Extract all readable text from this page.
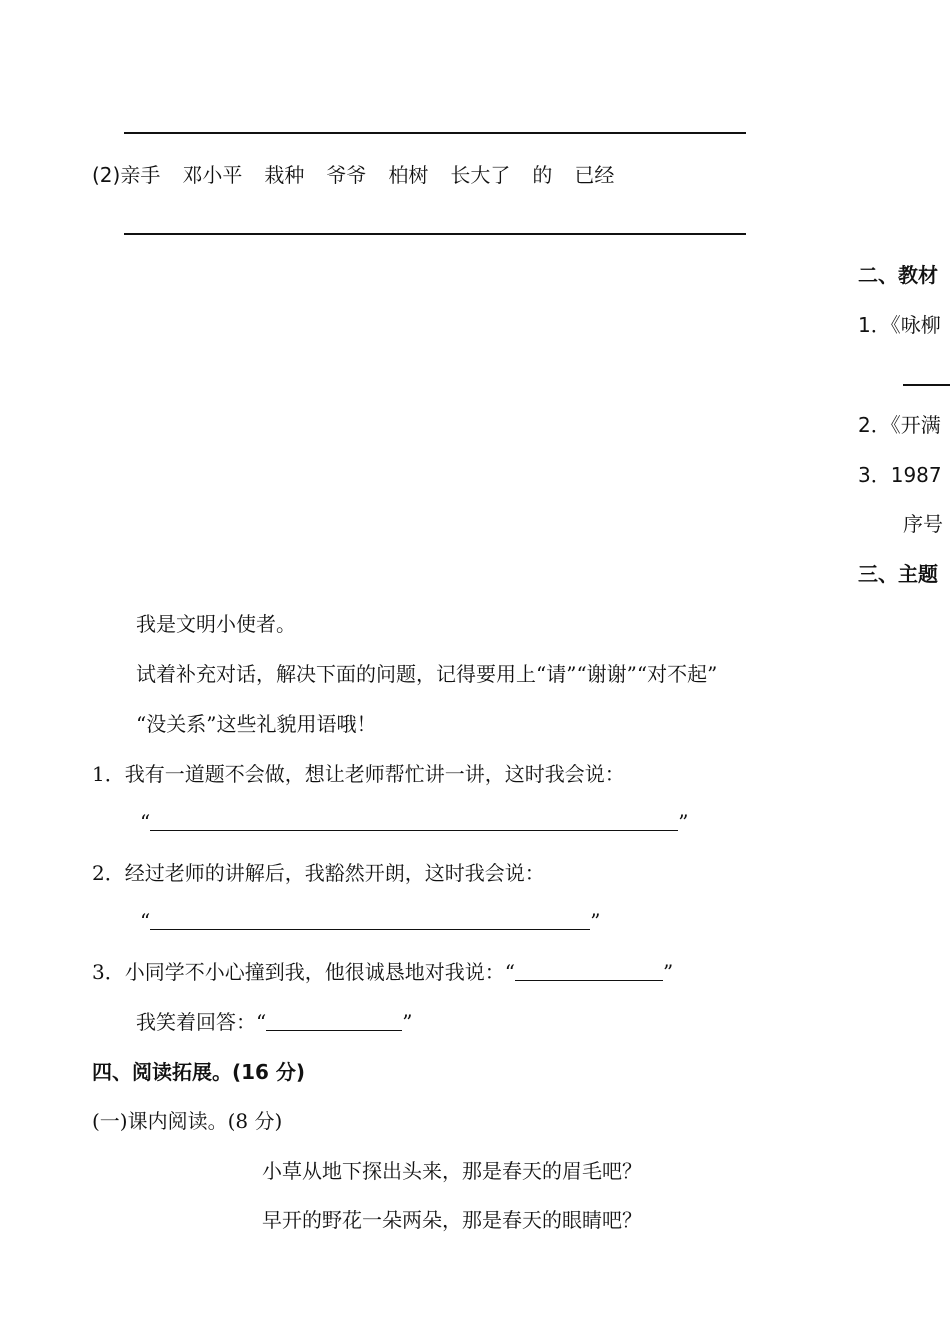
(2)亲手 邓小平 栽种 爷爷 柏树 长大了 的 已经
二、教材
1．《咏柳
2．《开满
3．1987
序号
三、主题
我是文明小使者。
试着补充对话，解决下面的问题，记得要用上“请”“谢谢”“对不起”
“没关系”这些礼貌用语哦！
1．我有一道题不会做，想让老师帮忙讲一讲，这时我会说：
“	”
2．经过老师的讲解后，我豁然开朗，这时我会说：
“	”
3．小同学不小心撞到我，他很诚恳地对我说：“	”
我笑着回答：“	”
四、阅读拓展。(16 分)
(一)课内阅读。(8 分)
小草从地下探出头来，那是春天的眉毛吧？
早开的野花一朵两朵，那是春天的眼睛吧？
